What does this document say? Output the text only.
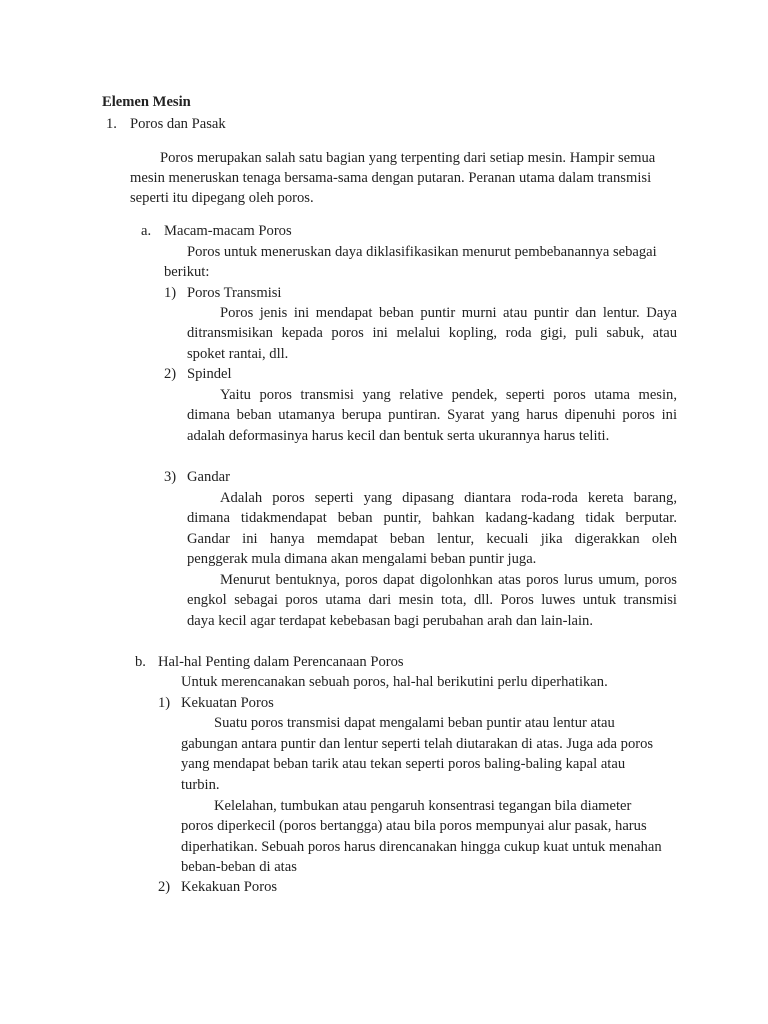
Elemen Mesin
1. Poros dan Pasak
Poros merupakan salah satu bagian yang terpenting dari setiap mesin. Hampir semua
mesin meneruskan tenaga bersama-sama dengan putaran. Peranan utama dalam transmisi
seperti itu dipegang oleh poros.
a. Macam-macam Poros
Poros untuk meneruskan daya diklasifikasikan menurut pembebanannya sebagai
berikut:
1) Poros Transmisi
Poros jenis ini mendapat beban puntir murni atau puntir dan lentur. Daya
ditransmisikan kepada poros ini melalui kopling, roda gigi, puli sabuk, atau
spoket rantai, dll.
2) Spindel
Yaitu poros transmisi yang relative pendek, seperti poros utama mesin,
dimana beban utamanya berupa puntiran. Syarat yang harus dipenuhi poros ini
adalah deformasinya harus kecil dan bentuk serta ukurannya harus teliti.
3) Gandar
Adalah poros seperti yang dipasang diantara roda-roda kereta barang,
dimana tidakmendapat beban puntir, bahkan kadang-kadang tidak berputar.
Gandar ini hanya memdapat beban lentur, kecuali jika digerakkan oleh
penggerak mula dimana akan mengalami beban puntir juga.
Menurut bentuknya, poros dapat digolonhkan atas poros lurus umum, poros
engkol sebagai poros utama dari mesin tota, dll. Poros luwes untuk transmisi
daya kecil agar terdapat kebebasan bagi perubahan arah dan lain-lain.
b. Hal-hal Penting dalam Perencanaan Poros
Untuk merencanakan sebuah poros, hal-hal berikutini perlu diperhatikan.
1) Kekuatan Poros
Suatu poros transmisi dapat mengalami beban puntir atau lentur atau
gabungan antara puntir dan lentur seperti telah diutarakan di atas. Juga ada poros
yang mendapat beban tarik atau tekan seperti poros baling-baling kapal atau
turbin.
Kelelahan, tumbukan atau pengaruh konsentrasi tegangan bila diameter
poros diperkecil (poros bertangga) atau bila poros mempunyai alur pasak, harus
diperhatikan. Sebuah poros harus direncanakan hingga cukup kuat untuk menahan
beban-beban di atas
2) Kekakuan Poros
